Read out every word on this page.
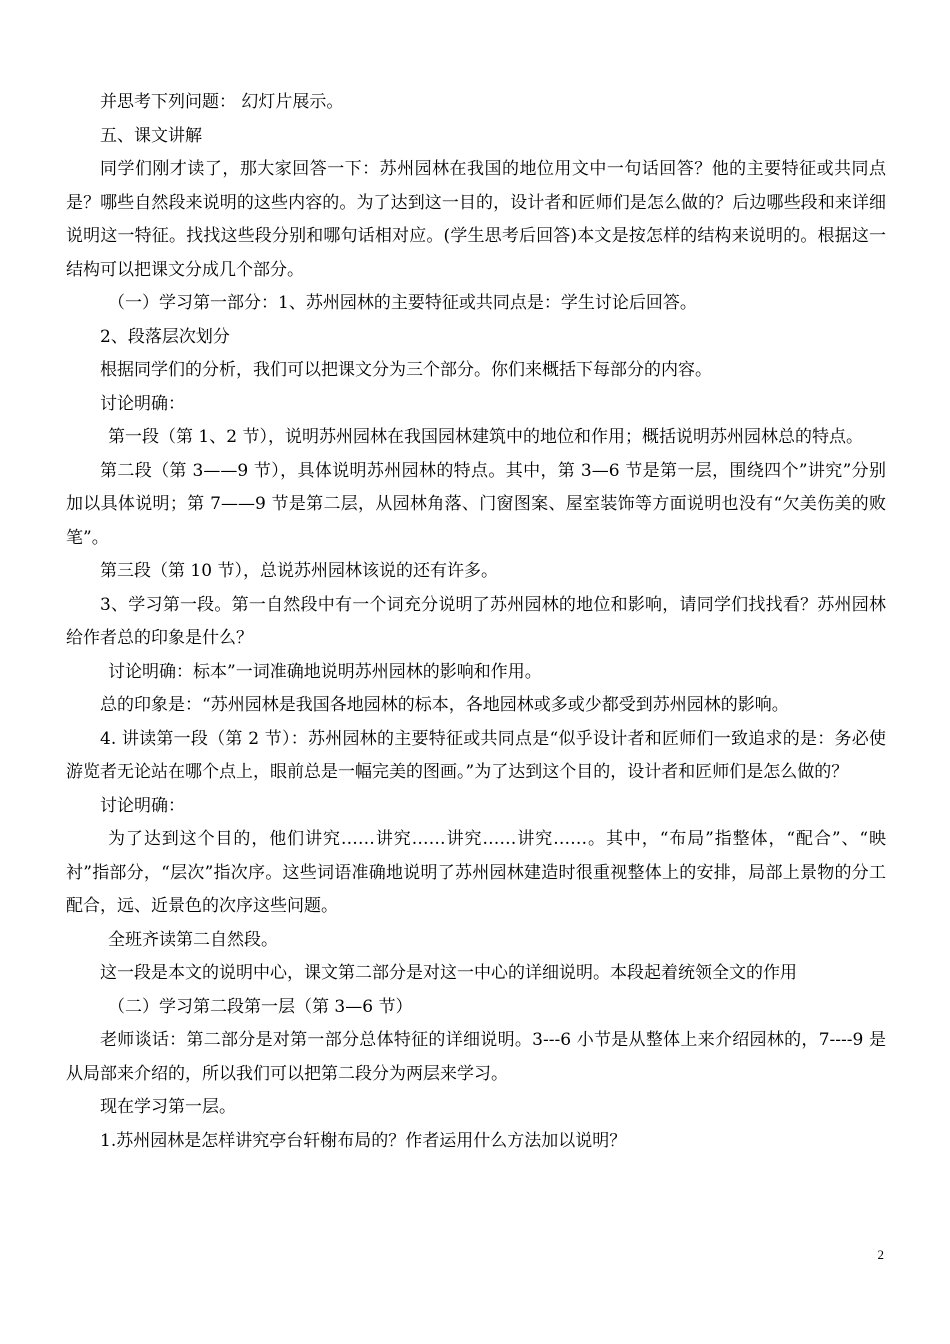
并思考下列问题： 幻灯片展示。

五、课文讲解

同学们刚才读了，那大家回答一下：苏州园林在我国的地位用文中一句话回答？他的主要特征或共同点是？哪些自然段来说明的这些内容的。为了达到这一目的，设计者和匠师们是怎么做的？后边哪些段和来详细说明这一特征。找找这些段分别和哪句话相对应。(学生思考后回答)本文是按怎样的结构来说明的。根据这一结构可以把课文分成几个部分。

（一）学习第一部分：1、苏州园林的主要特征或共同点是：学生讨论后回答。

2、段落层次划分

根据同学们的分析，我们可以把课文分为三个部分。你们来概括下每部分的内容。

讨论明确：

第一段（第 1、2 节），说明苏州园林在我国园林建筑中的地位和作用；概括说明苏州园林总的特点。

第二段（第 3——9 节），具体说明苏州园林的特点。其中，第 3—6 节是第一层，围绕四个”讲究”分别加以具体说明；第 7——9 节是第二层，从园林角落、门窗图案、屋室装饰等方面说明也没有“欠美伤美的败笔”。

第三段（第 10 节），总说苏州园林该说的还有许多。

3、学习第一段。第一自然段中有一个词充分说明了苏州园林的地位和影响，请同学们找找看？苏州园林给作者总的印象是什么？

讨论明确：标本”一词准确地说明苏州园林的影响和作用。

总的印象是：“苏州园林是我国各地园林的标本，各地园林或多或少都受到苏州园林的影响。

4. 讲读第一段（第 2 节）：苏州园林的主要特征或共同点是“似乎设计者和匠师们一致追求的是：务必使游览者无论站在哪个点上，眼前总是一幅完美的图画。”为了达到这个目的，设计者和匠师们是怎么做的？

讨论明确：

为了达到这个目的，他们讲究……讲究……讲究……讲究……。其中，“布局”指整体，“配合”、“映衬”指部分，“层次”指次序。这些词语准确地说明了苏州园林建造时很重视整体上的安排，局部上景物的分工配合，远、近景色的次序这些问题。

全班齐读第二自然段。

这一段是本文的说明中心，课文第二部分是对这一中心的详细说明。本段起着统领全文的作用

（二）学习第二段第一层（第 3—6 节）

老师谈话：第二部分是对第一部分总体特征的详细说明。3---6 小节是从整体上来介绍园林的，7----9 是从局部来介绍的，所以我们可以把第二段分为两层来学习。

现在学习第一层。

1.苏州园林是怎样讲究亭台轩榭布局的？作者运用什么方法加以说明？

2
